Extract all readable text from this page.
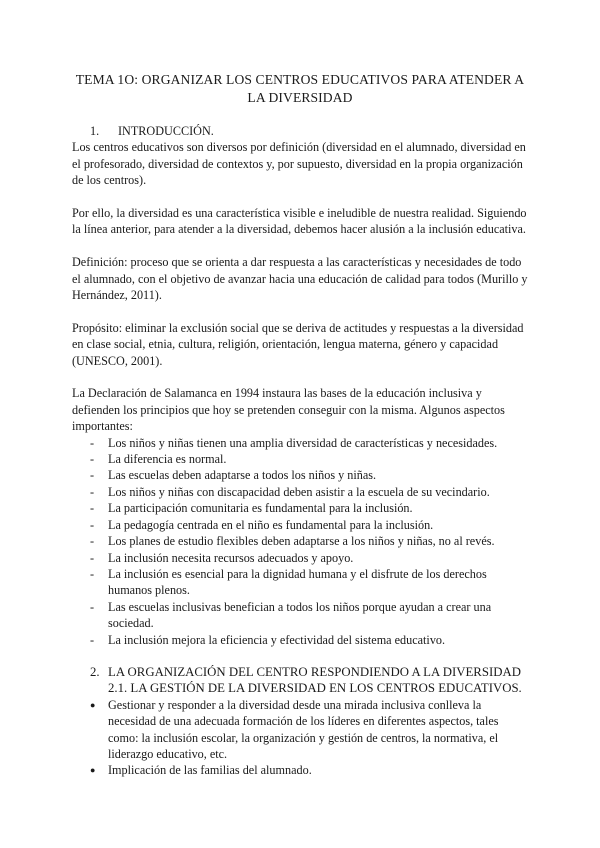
TEMA 1O: ORGANIZAR LOS CENTROS EDUCATIVOS PARA ATENDER A LA DIVERSIDAD
1.	INTRODUCCIÓN.

Los centros educativos son diversos por definición (diversidad en el alumnado, diversidad en el profesorado, diversidad de contextos y, por supuesto, diversidad en la propia organización de los centros).

Por ello, la diversidad es una característica visible e ineludible de nuestra realidad. Siguiendo la línea anterior, para atender a la diversidad, debemos hacer alusión a la inclusión educativa.

Definición: proceso que se orienta a dar respuesta a las características y necesidades de todo el alumnado, con el objetivo de avanzar hacia una educación de calidad para todos (Murillo y Hernández, 2011).

Propósito: eliminar la exclusión social que se deriva de actitudes y respuestas a la diversidad en clase social, etnia, cultura, religión, orientación, lengua materna, género y capacidad (UNESCO, 2001).

La Declaración de Salamanca en 1994 instaura las bases de la educación inclusiva y defienden los principios que hoy se pretenden conseguir con la misma. Algunos aspectos importantes:

-	Los niños y niñas tienen una amplia diversidad de características y necesidades.
-	La diferencia es normal.
-	Las escuelas deben adaptarse a todos los niños y niñas.
-	Los niños y niñas con discapacidad deben asistir a la escuela de su vecindario.
-	La participación comunitaria es fundamental para la inclusión.
-	La pedagogía centrada en el niño es fundamental para la inclusión.
-	Los planes de estudio flexibles deben adaptarse a los niños y niñas, no al revés.
-	La inclusión necesita recursos adecuados y apoyo.
-	La inclusión es esencial para la dignidad humana y el disfrute de los derechos humanos plenos.
-	Las escuelas inclusivas benefician a todos los niños porque ayudan a crear una sociedad.
-	La inclusión mejora la eficiencia y efectividad del sistema educativo.
2. LA ORGANIZACIÓN DEL CENTRO RESPONDIENDO A LA DIVERSIDAD
2.1. LA GESTIÓN DE LA DIVERSIDAD EN LOS CENTROS EDUCATIVOS.
●	Gestionar y responder a la diversidad desde una mirada inclusiva conlleva la necesidad de una adecuada formación de los líderes en diferentes aspectos, tales como: la inclusión escolar, la organización y gestión de centros, la normativa, el liderazgo educativo, etc.
●	Implicación de las familias del alumnado.
